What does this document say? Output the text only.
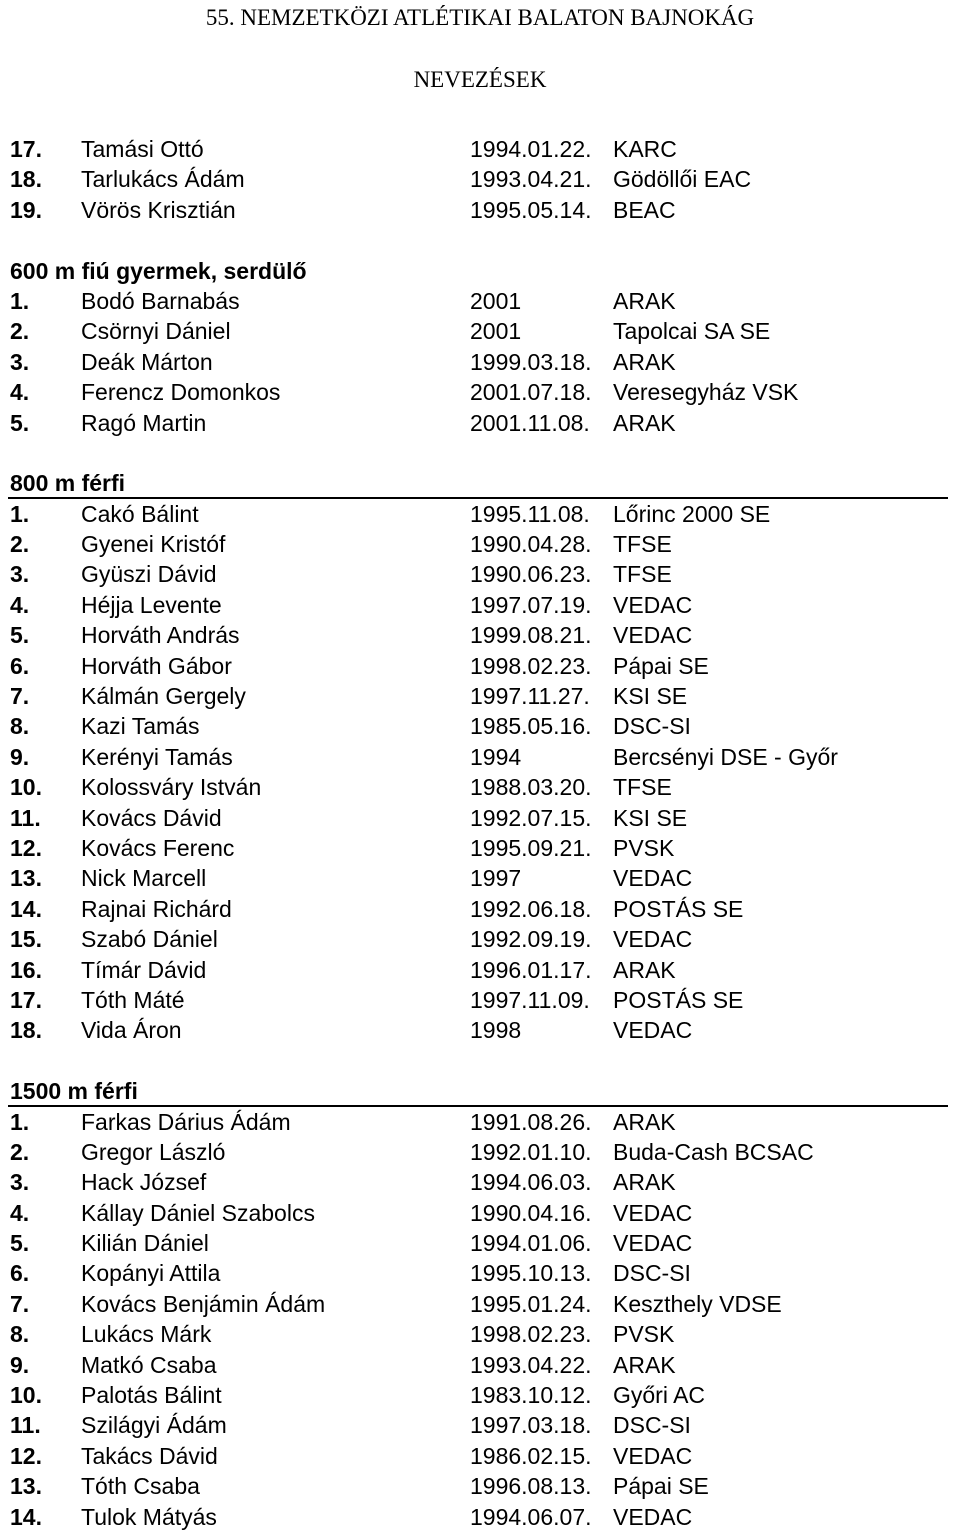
55. NEMZETKÖZI ATLÉTIKAI BALATON BAJNOKÁG
NEVEZÉSEK
17. Tamási Ottó	1994.01.22. KARC
18. Tarlukács Ádám	1993.04.21. Gödöllői EAC
19. Vörös Krisztián	1995.05.14. BEAC
600 m fiú gyermek, serdülő
1. Bodó Barnabás	2001	ARAK
2. Csörnyi Dániel	2001	Tapolcai SA SE
3. Deák Márton	1999.03.18. ARAK
4. Ferencz Domonkos	2001.07.18. Veresegyház VSK
5. Ragó Martin	2001.11.08. ARAK
800 m férfi
1. Cakó Bálint	1995.11.08. Lőrinc 2000 SE
2. Gyenei Kristóf	1990.04.28. TFSE
3. Gyüszi Dávid	1990.06.23. TFSE
4. Héjja Levente	1997.07.19. VEDAC
5. Horváth András	1999.08.21. VEDAC
6. Horváth Gábor	1998.02.23. Pápai SE
7. Kálmán Gergely	1997.11.27. KSI SE
8. Kazi Tamás	1985.05.16. DSC-SI
9. Kerényi Tamás	1994	Bercsényi DSE - Győr
10. Kolossváry István	1988.03.20. TFSE
11. Kovács Dávid	1992.07.15. KSI SE
12. Kovács Ferenc	1995.09.21. PVSK
13. Nick Marcell	1997	VEDAC
14. Rajnai Richárd	1992.06.18. POSTÁS SE
15. Szabó Dániel	1992.09.19. VEDAC
16. Tímár Dávid	1996.01.17. ARAK
17. Tóth Máté	1997.11.09. POSTÁS SE
18. Vida Áron	1998	VEDAC
1500 m férfi
1. Farkas Dárius Ádám	1991.08.26. ARAK
2. Gregor László	1992.01.10. Buda-Cash BCSAC
3. Hack József	1994.06.03. ARAK
4. Kállay Dániel Szabolcs	1990.04.16. VEDAC
5. Kilián Dániel	1994.01.06. VEDAC
6. Kopányi Attila	1995.10.13. DSC-SI
7. Kovács Benjámin Ádám	1995.01.24. Keszthely VDSE
8. Lukács Márk	1998.02.23. PVSK
9. Matkó Csaba	1993.04.22. ARAK
10. Palotás Bálint	1983.10.12. Győri AC
11. Szilágyi Ádám	1997.03.18. DSC-SI
12. Takács Dávid	1986.02.15. VEDAC
13. Tóth Csaba	1996.08.13. Pápai SE
14. Tulok Mátyás	1994.06.07. VEDAC
